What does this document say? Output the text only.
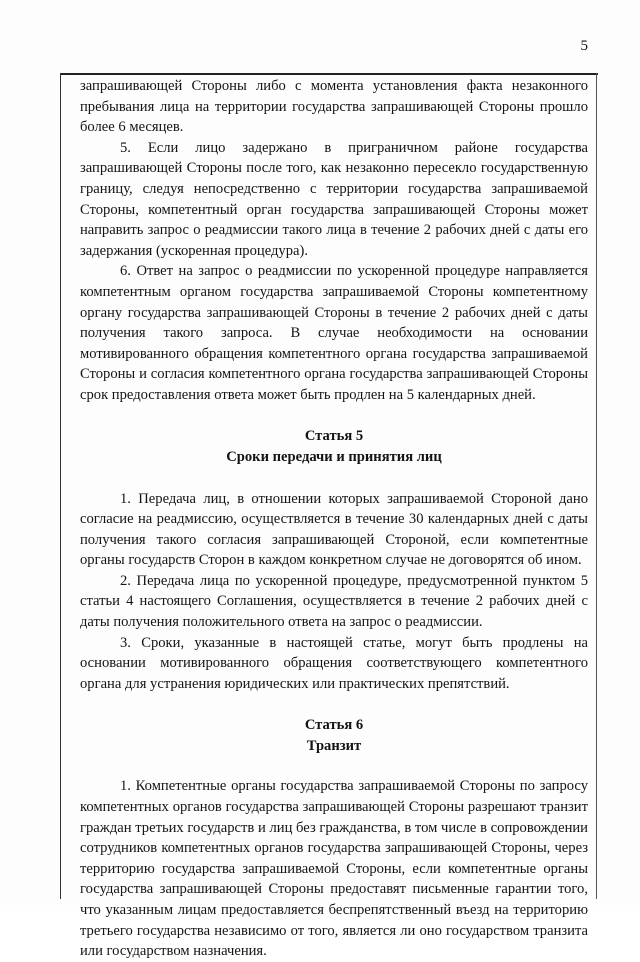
5

запрашивающей Стороны либо с момента установления факта незаконного пребывания лица на территории государства запрашивающей Стороны прошло более 6 месяцев.

5. Если лицо задержано в приграничном районе государства запрашивающей Стороны после того, как незаконно пересекло государственную границу, следуя непосредственно с территории государства запрашиваемой Стороны, компетентный орган государства запрашивающей Стороны может направить запрос о реадмиссии такого лица в течение 2 рабочих дней с даты его задержания (ускоренная процедура).

6. Ответ на запрос о реадмиссии по ускоренной процедуре направляется компетентным органом государства запрашиваемой Стороны компетентному органу государства запрашивающей Стороны в течение 2 рабочих дней с даты получения такого запроса. В случае необходимости на основании мотивированного обращения компетентного органа государства запрашиваемой Стороны и согласия компетентного органа государства запрашивающей Стороны срок предоставления ответа может быть продлен на 5 календарных дней.

Статья 5

Сроки передачи и принятия лиц

1. Передача лиц, в отношении которых запрашиваемой Стороной дано согласие на реадмиссию, осуществляется в течение 30 календарных дней с даты получения такого согласия запрашивающей Стороной, если компетентные органы государств Сторон в каждом конкретном случае не договорятся об ином.

2. Передача лица по ускоренной процедуре, предусмотренной пунктом 5 статьи 4 настоящего Соглашения, осуществляется в течение 2 рабочих дней с даты получения положительного ответа на запрос о реадмиссии.

3. Сроки, указанные в настоящей статье, могут быть продлены на основании мотивированного обращения соответствующего компетентного органа для устранения юридических или практических препятствий.

Статья 6

Транзит

1. Компетентные органы государства запрашиваемой Стороны по запросу компетентных органов государства запрашивающей Стороны разрешают транзит граждан третьих государств и лиц без гражданства, в том числе в сопровождении сотрудников компетентных органов государства запрашивающей Стороны, через территорию государства запрашиваемой Стороны, если компетентные органы государства запрашивающей Стороны предоставят письменные гарантии того, что указанным лицам предоставляется беспрепятственный въезд на территорию третьего государства независимо от того, является ли оно государством транзита или государством назначения.
